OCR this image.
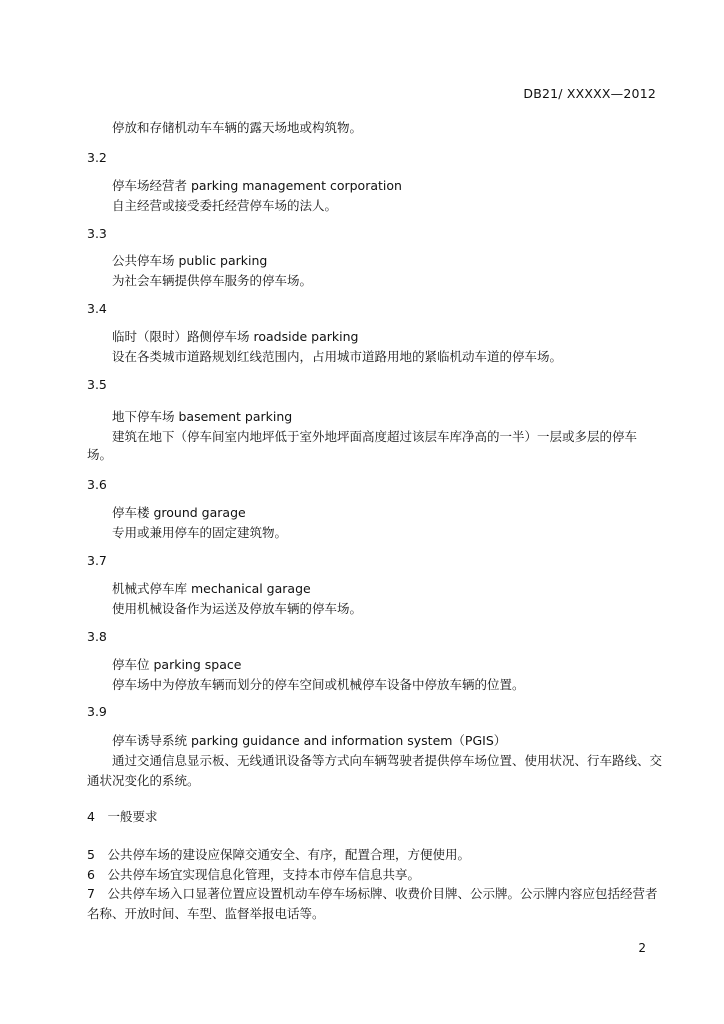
DB21/ XXXXX—2012
停放和存储机动车车辆的露天场地或构筑物。
3.2
停车场经营者 parking management corporation
自主经营或接受委托经营停车场的法人。
3.3
公共停车场 public parking
为社会车辆提供停车服务的停车场。
3.4
临时（限时）路侧停车场 roadside parking
设在各类城市道路规划红线范围内，占用城市道路用地的紧临机动车道的停车场。
3.5
地下停车场 basement parking
建筑在地下（停车间室内地坪低于室外地坪面高度超过该层车库净高的一半）一层或多层的停车
场。
3.6
停车楼 ground garage
专用或兼用停车的固定建筑物。
3.7
机械式停车库 mechanical garage
使用机械设备作为运送及停放车辆的停车场。
3.8
停车位 parking space
停车场中为停放车辆而划分的停车空间或机械停车设备中停放车辆的位置。
3.9
停车诱导系统 parking guidance and information system（PGIS）
通过交通信息显示板、无线通讯设备等方式向车辆驾驶者提供停车场位置、使用状况、行车路线、交
通状况变化的系统。
4　一般要求
5　公共停车场的建设应保障交通安全、有序，配置合理，方便使用。
6　公共停车场宜实现信息化管理，支持本市停车信息共享。
7　公共停车场入口显著位置应设置机动车停车场标牌、收费价目牌、公示牌。公示牌内容应包括经营者
名称、开放时间、车型、监督举报电话等。
2
